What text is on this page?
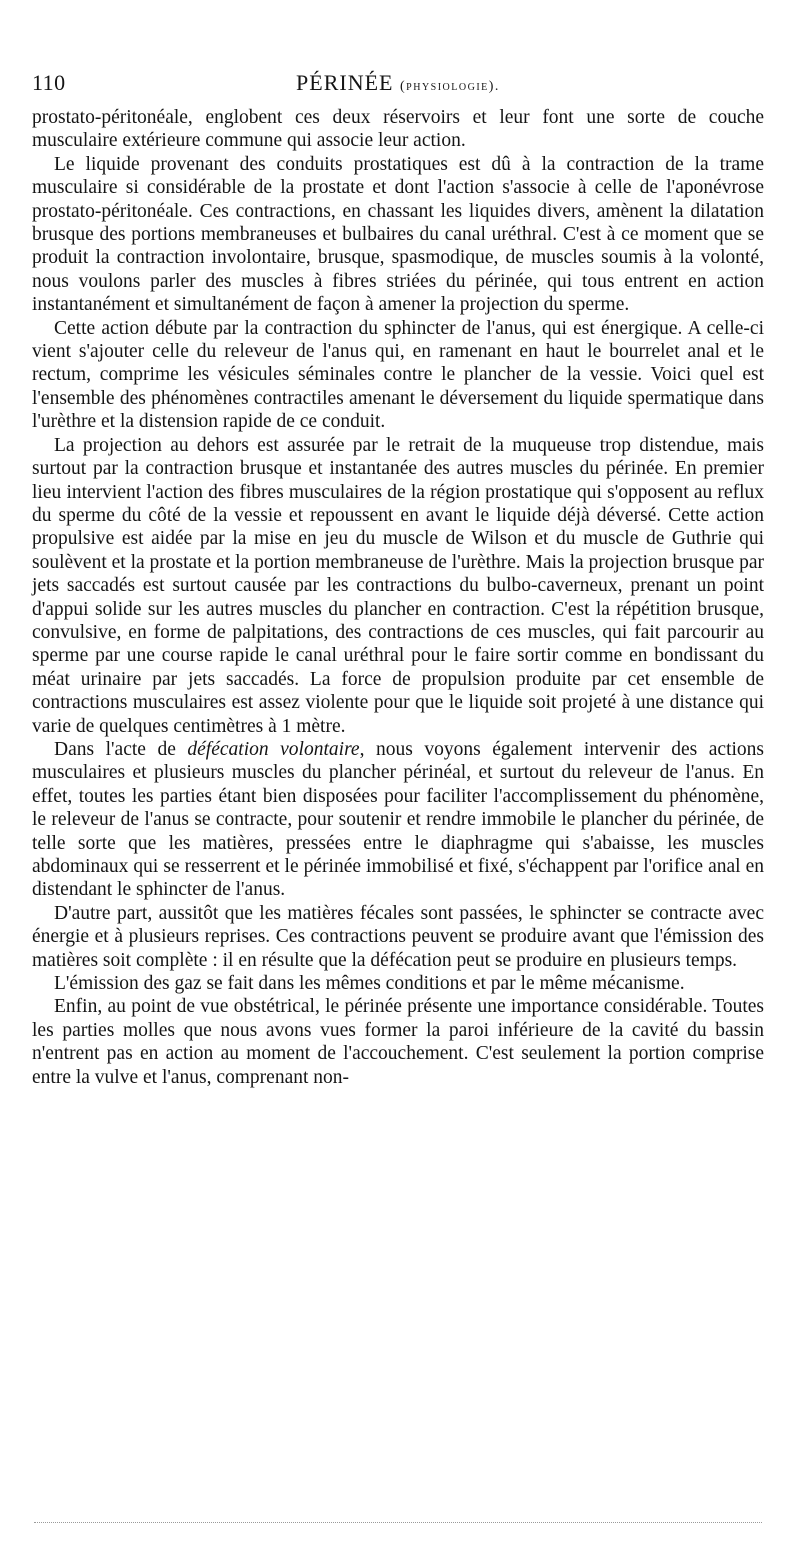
110	PÉRINÉE (physiologie).

prostato-péritonéale, englobent ces deux réservoirs et leur font une sorte de couche musculaire extérieure commune qui associe leur action.

Le liquide provenant des conduits prostatiques est dû à la contraction de la trame musculaire si considérable de la prostate et dont l'action s'associe à celle de l'aponévrose prostato-péritonéale. Ces contractions, en chassant les liquides divers, amènent la dilatation brusque des portions membraneuses et bulbaires du canal uréthral. C'est à ce moment que se produit la contraction involontaire, brusque, spasmodique, de muscles soumis à la volonté, nous voulons parler des muscles à fibres striées du périnée, qui tous entrent en action instantanément et simultanément de façon à amener la projection du sperme.

Cette action débute par la contraction du sphincter de l'anus, qui est énergique. A celle-ci vient s'ajouter celle du releveur de l'anus qui, en ramenant en haut le bourrelet anal et le rectum, comprime les vésicules séminales contre le plancher de la vessie. Voici quel est l'ensemble des phénomènes contractiles amenant le déversement du liquide spermatique dans l'urèthre et la distension rapide de ce conduit.

La projection au dehors est assurée par le retrait de la muqueuse trop distendue, mais surtout par la contraction brusque et instantanée des autres muscles du périnée. En premier lieu intervient l'action des fibres musculaires de la région prostatique qui s'opposent au reflux du sperme du côté de la vessie et repoussent en avant le liquide déjà déversé. Cette action propulsive est aidée par la mise en jeu du muscle de Wilson et du muscle de Guthrie qui soulèvent et la prostate et la portion membraneuse de l'urèthre. Mais la projection brusque par jets saccadés est surtout causée par les contractions du bulbo-caverneux, prenant un point d'appui solide sur les autres muscles du plancher en contraction. C'est la répétition brusque, convulsive, en forme de palpitations, des contractions de ces muscles, qui fait parcourir au sperme par une course rapide le canal uréthral pour le faire sortir comme en bondissant du méat urinaire par jets saccadés. La force de propulsion produite par cet ensemble de contractions musculaires est assez violente pour que le liquide soit projeté à une distance qui varie de quelques centimètres à 1 mètre.

Dans l'acte de défécation volontaire, nous voyons également intervenir des actions musculaires et plusieurs muscles du plancher périnéal, et surtout du releveur de l'anus. En effet, toutes les parties étant bien disposées pour faciliter l'accomplissement du phénomène, le releveur de l'anus se contracte, pour soutenir et rendre immobile le plancher du périnée, de telle sorte que les matières, pressées entre le diaphragme qui s'abaisse, les muscles abdominaux qui se resserrent et le périnée immobilisé et fixé, s'échappent par l'orifice anal en distendant le sphincter de l'anus.

D'autre part, aussitôt que les matières fécales sont passées, le sphincter se contracte avec énergie et à plusieurs reprises. Ces contractions peuvent se produire avant que l'émission des matières soit complète : il en résulte que la défécation peut se produire en plusieurs temps.

L'émission des gaz se fait dans les mêmes conditions et par le même mécanisme.

Enfin, au point de vue obstétrical, le périnée présente une importance considérable. Toutes les parties molles que nous avons vues former la paroi inférieure de la cavité du bassin n'entrent pas en action au moment de l'accouchement. C'est seulement la portion comprise entre la vulve et l'anus, comprenant non-
